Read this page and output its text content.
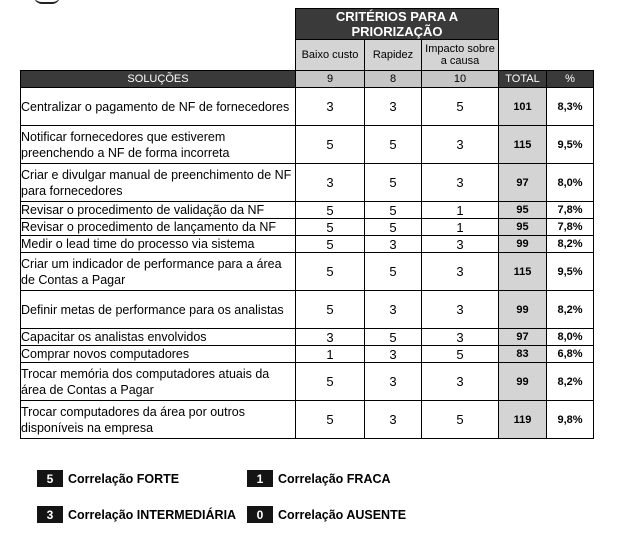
	CRITÉRIOS PARA A PRIORIZAÇÃO				
	Baixo custo	Rapidez	Impacto sobre a causa		
SOLUÇÕES	9	8	10	TOTAL	%
Centralizar o pagamento de NF de fornecedores	3	3	5	101	8,3%
Notificar fornecedores que estiverem preenchendo a NF de forma incorreta	5	5	3	115	9,5%
Criar e divulgar manual de preenchimento de NF para fornecedores	3	5	3	97	8,0%
Revisar o procedimento de validação da NF	5	5	1	95	7,8%
Revisar o procedimento de lançamento da NF	5	5	1	95	7,8%
Medir o lead time do processo via sistema	5	3	3	99	8,2%
Criar um indicador de performance para a área de Contas a Pagar	5	5	3	115	9,5%
Definir metas de performance para os analistas	5	3	3	99	8,2%
Capacitar os analistas envolvidos	3	5	3	97	8,0%
Comprar novos computadores	1	3	5	83	6,8%
Trocar memória dos computadores atuais da área de Contas a Pagar	5	3	3	99	8,2%
Trocar computadores da área por outros disponíveis na empresa	5	3	5	119	9,8%
5	Correlação FORTE	1	Correlação FRACA
3	Correlação INTERMEDIÁRIA	0	Correlação AUSENTE
